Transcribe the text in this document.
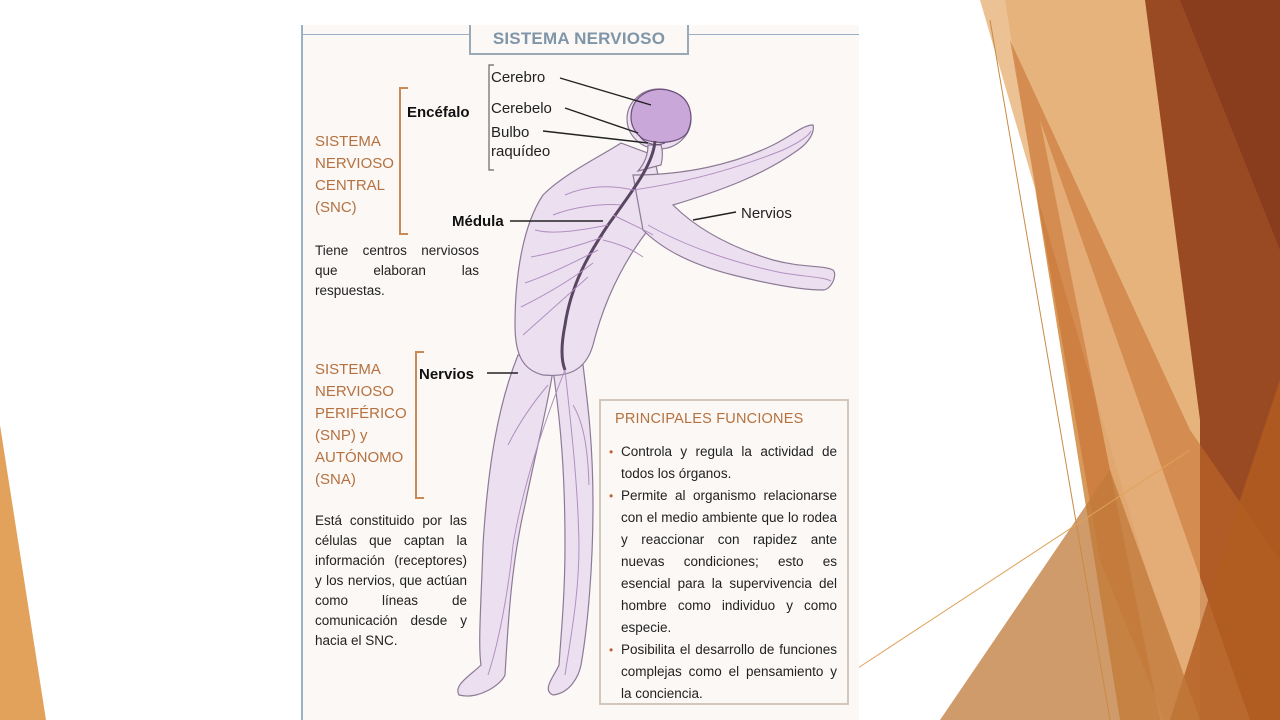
SISTEMA NERVIOSO
Cerebro
Cerebelo
Bulbo
raquídeo
Encéfalo
Médula	Nervios
Nervios
SISTEMA
NERVIOSO
CENTRAL
(SNC)
Tiene centros nerviosos que elaboran las respuestas.
SISTEMA
NERVIOSO
PERIFÉRICO
(SNP) y
AUTÓNOMO
(SNA)
Está constituido por las células que captan la información (receptores) y los nervios, que actúan como líneas de comunicación desde y hacia el SNC.
PRINCIPALES FUNCIONES
• Controla y regula la actividad de todos los órganos.
• Permite al organismo relacionarse con el medio ambiente que lo rodea y reaccionar con rapidez ante nuevas condiciones; esto es esencial para la supervivencia del hombre como individuo y como especie.
• Posibilita el desarrollo de funciones complejas como el pensamiento y la conciencia.
